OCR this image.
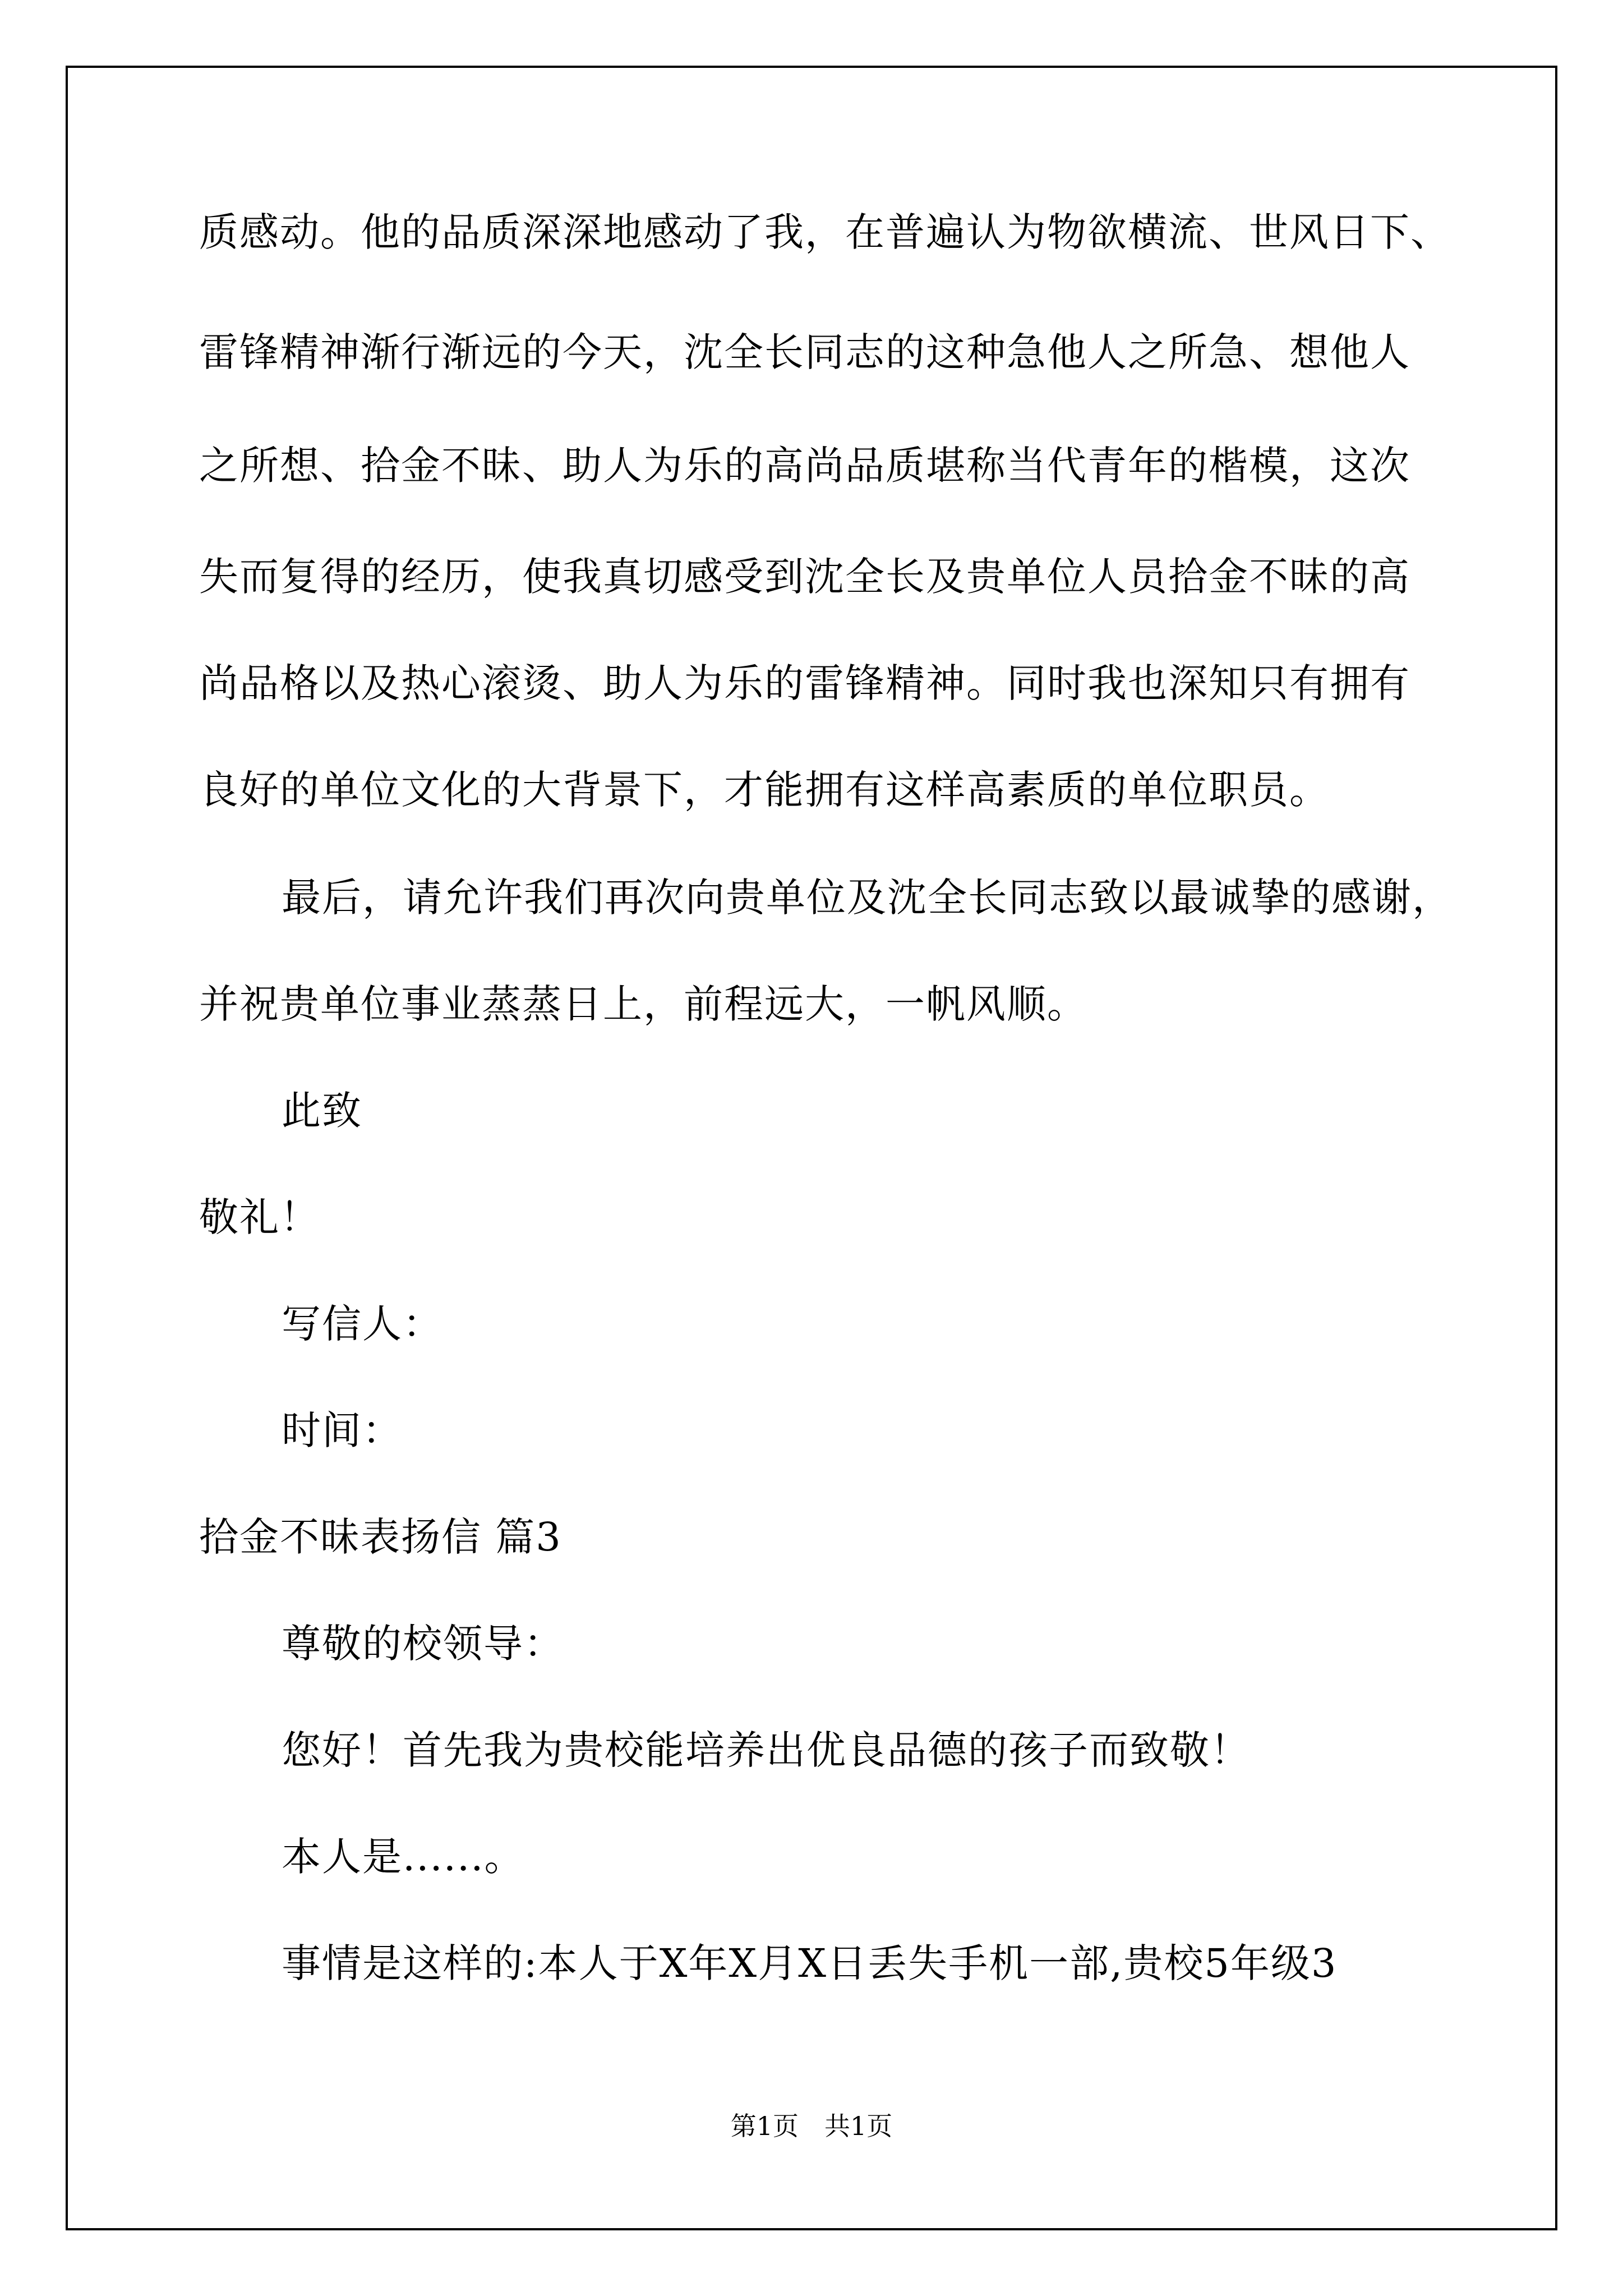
质感动。他的品质深深地感动了我，在普遍认为物欲横流、世风日下、
雷锋精神渐行渐远的今天，沈全长同志的这种急他人之所急、想他人
之所想、拾金不昧、助人为乐的高尚品质堪称当代青年的楷模，这次
失而复得的经历，使我真切感受到沈全长及贵单位人员拾金不昧的高
尚品格以及热心滚烫、助人为乐的雷锋精神。同时我也深知只有拥有
良好的单位文化的大背景下，才能拥有这样高素质的单位职员。
最后，请允许我们再次向贵单位及沈全长同志致以最诚挚的感谢，
并祝贵单位事业蒸蒸日上，前程远大，一帆风顺。
此致
敬礼！
写信人：
时间：
拾金不昧表扬信 篇3
尊敬的校领导：
您好！首先我为贵校能培养出优良品德的孩子而致敬！
本人是......。
事情是这样的:本人于X年X月X日丢失手机一部,贵校5年级3
第1页　共1页
